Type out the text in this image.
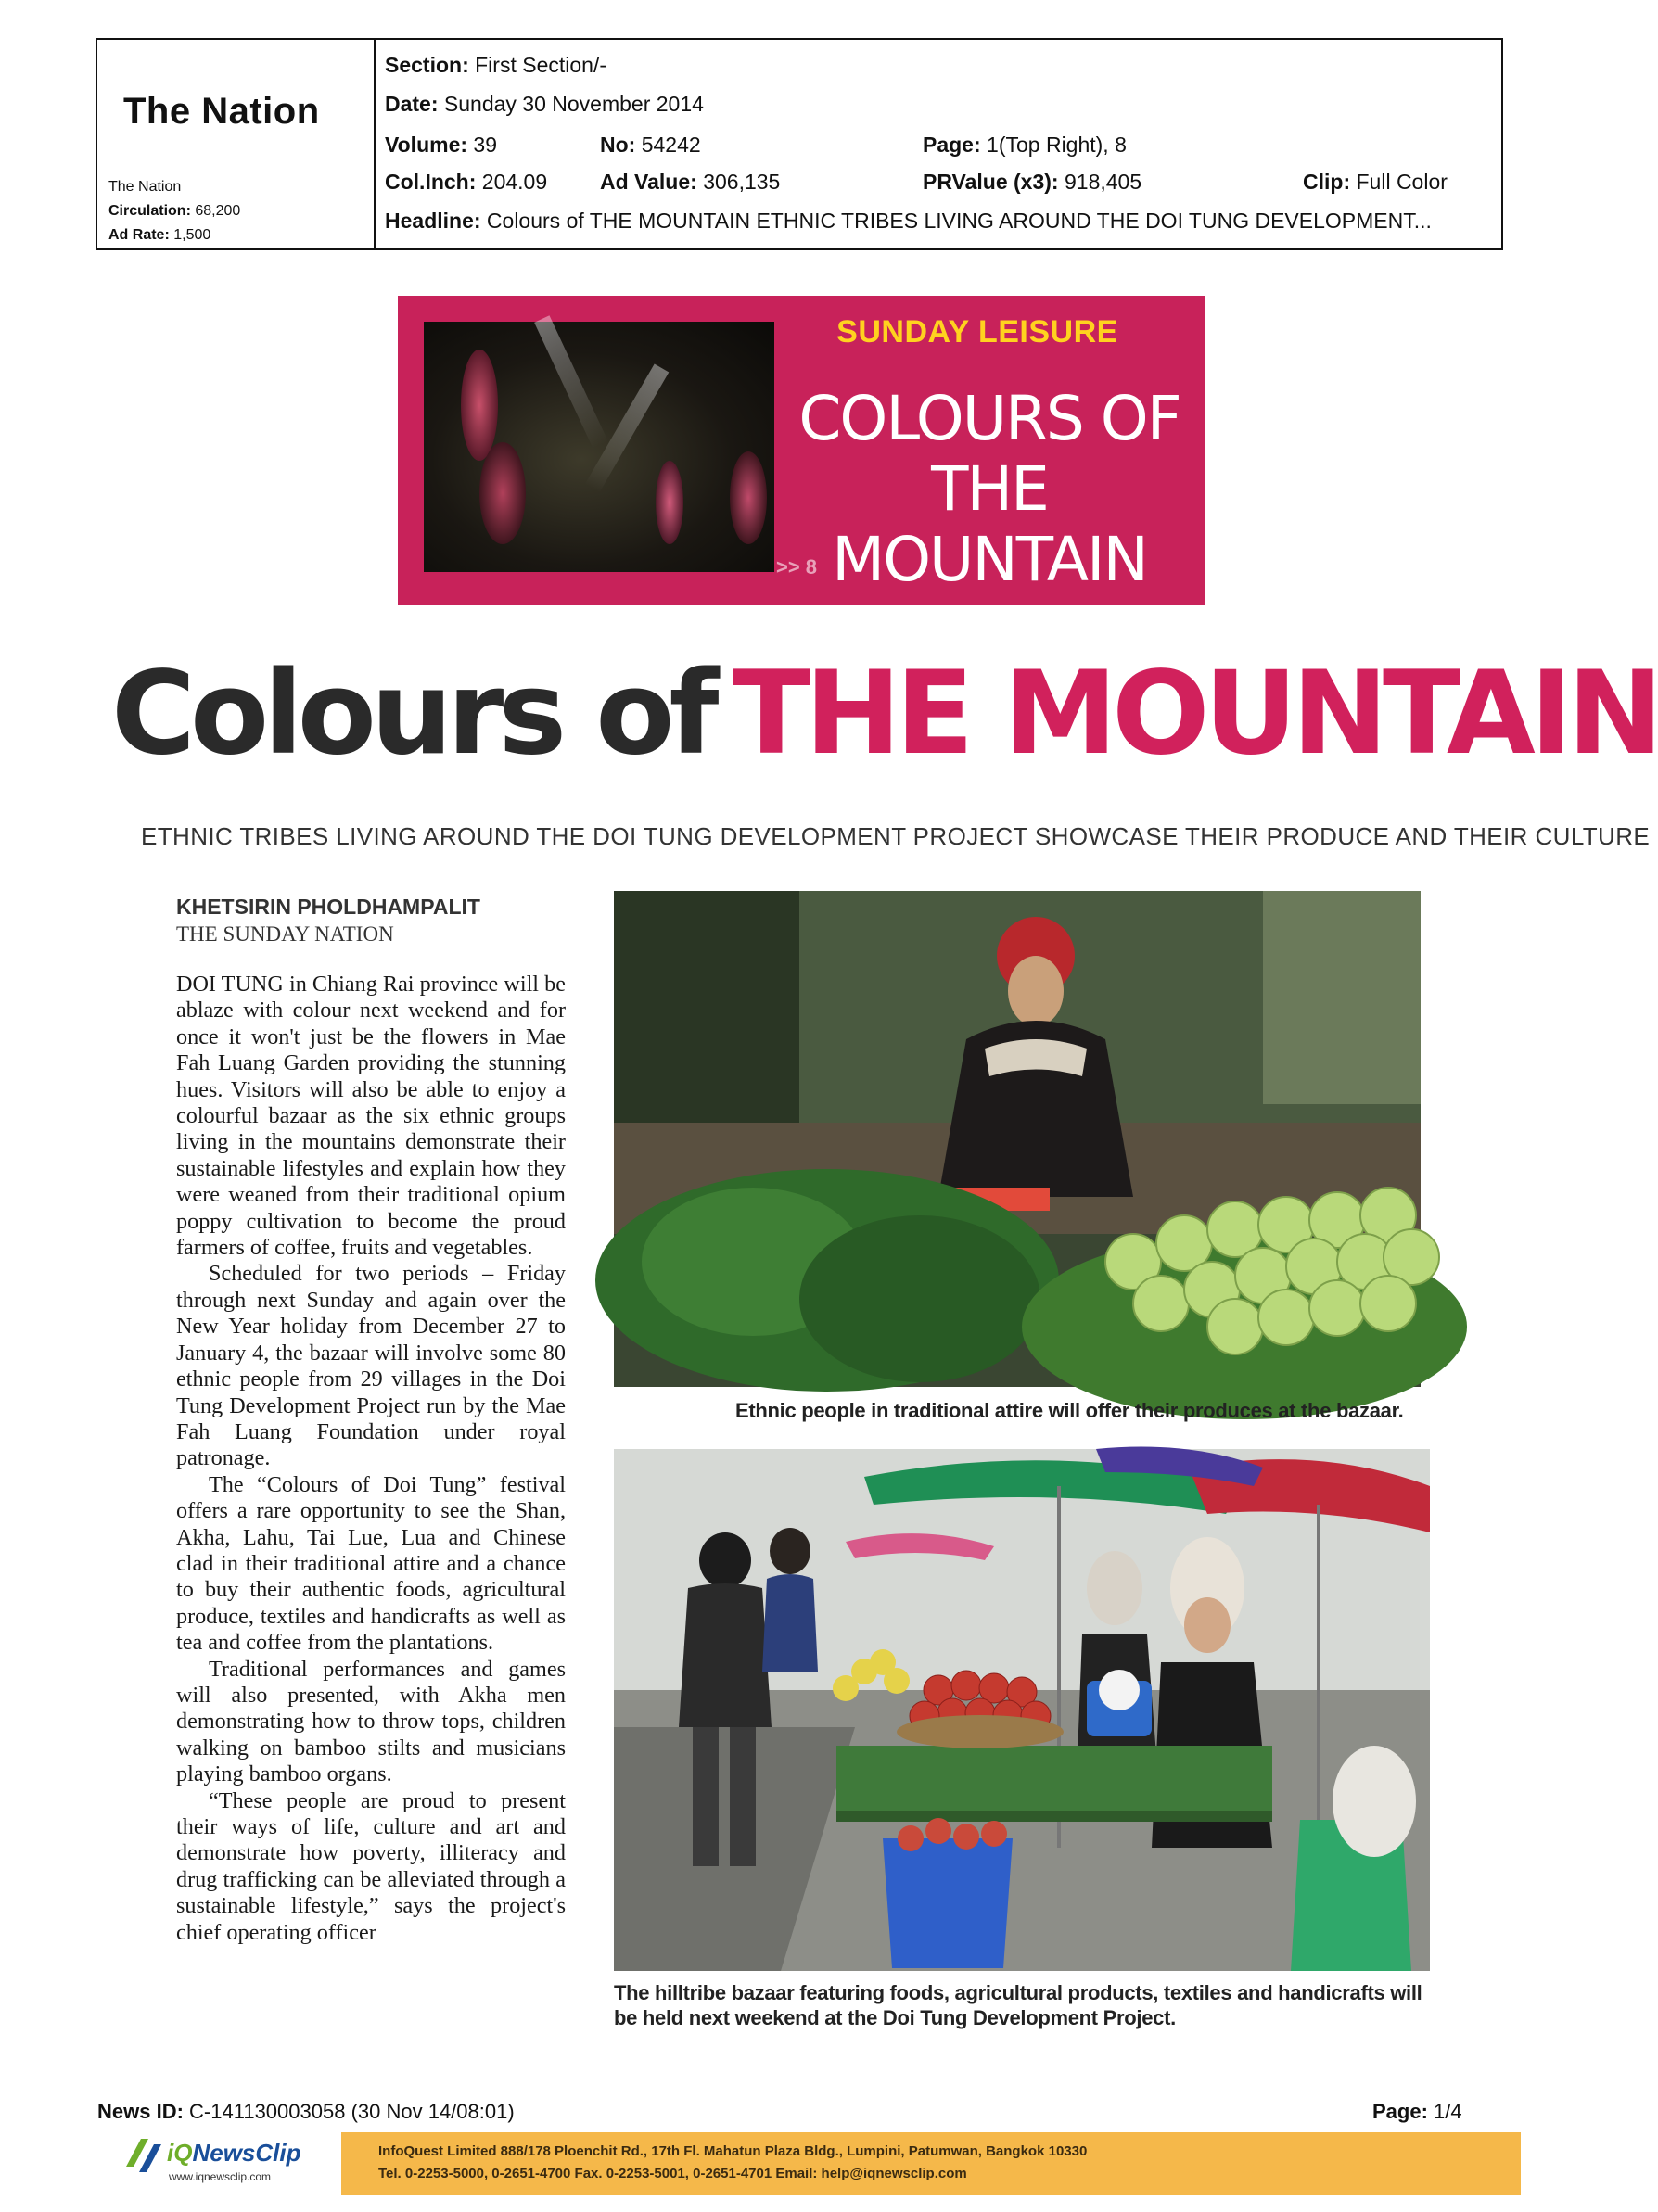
The Nation
The Nation
Circulation: 68,200
Ad Rate: 1,500
Section: First Section/-
Date: Sunday 30 November 2014
Volume: 39	No: 54242	Page: 1(Top Right), 8
Col.Inch: 204.09 Ad Value: 306,135	PRValue (x3): 918,405	Clip: Full Color
Headline: Colours of THE MOUNTAIN ETHNIC TRIBES LIVING AROUND THE DOI TUNG DEVELOPMENT...
SUNDAY LEISURE
COLOURS OF
THE MOUNTAIN
>> 8
Colours of THE MOUNTAIN
ETHNIC TRIBES LIVING AROUND THE DOI TUNG DEVELOPMENT PROJECT SHOWCASE THEIR PRODUCE AND THEIR CULTURE
KHETSIRIN PHOLDHAMPALIT
THE SUNDAY NATION

DOI TUNG in Chiang Rai province will be ablaze with colour next weekend and for once it won't just be the flowers in Mae Fah Luang Garden providing the stunning hues. Visitors will also be able to enjoy a colourful bazaar as the six ethnic groups living in the mountains demonstrate their sustainable lifestyles and explain how they were weaned from their traditional opium poppy cultivation to become the proud farmers of coffee, fruits and vegetables.

Scheduled for two periods – Friday through next Sunday and again over the New Year holiday from December 27 to January 4, the bazaar will involve some 80 ethnic people from 29 villages in the Doi Tung Development Project run by the Mae Fah Luang Foundation under royal patronage.

The “Colours of Doi Tung” festival offers a rare opportunity to see the Shan, Akha, Lahu, Tai Lue, Lua and Chinese clad in their traditional attire and a chance to buy their authentic foods, agricultural produce, textiles and handicrafts as well as tea and coffee from the plantations.

Traditional performances and games will also presented, with Akha men demonstrating how to throw tops, children walking on bamboo stilts and musicians playing bamboo organs.

“These people are proud to present their ways of life, culture and art and demonstrate how poverty, illiteracy and drug trafficking can be alleviated through a sustainable lifestyle,” says the project's chief operating officer

Ethnic people in traditional attire will offer their produces at the bazaar.
The hilltribe bazaar featuring foods, agricultural products, textiles and handicrafts will be held next weekend at the Doi Tung Development Project.
News ID: C-141130003058 (30 Nov 14/08:01)	Page: 1/4
iQNewsClip
www.iqnewsclip.com
InfoQuest Limited 888/178 Ploenchit Rd., 17th Fl. Mahatun Plaza Bldg., Lumpini, Patumwan, Bangkok 10330
Tel. 0-2253-5000, 0-2651-4700 Fax. 0-2253-5001, 0-2651-4701 Email: help@iqnewsclip.com
